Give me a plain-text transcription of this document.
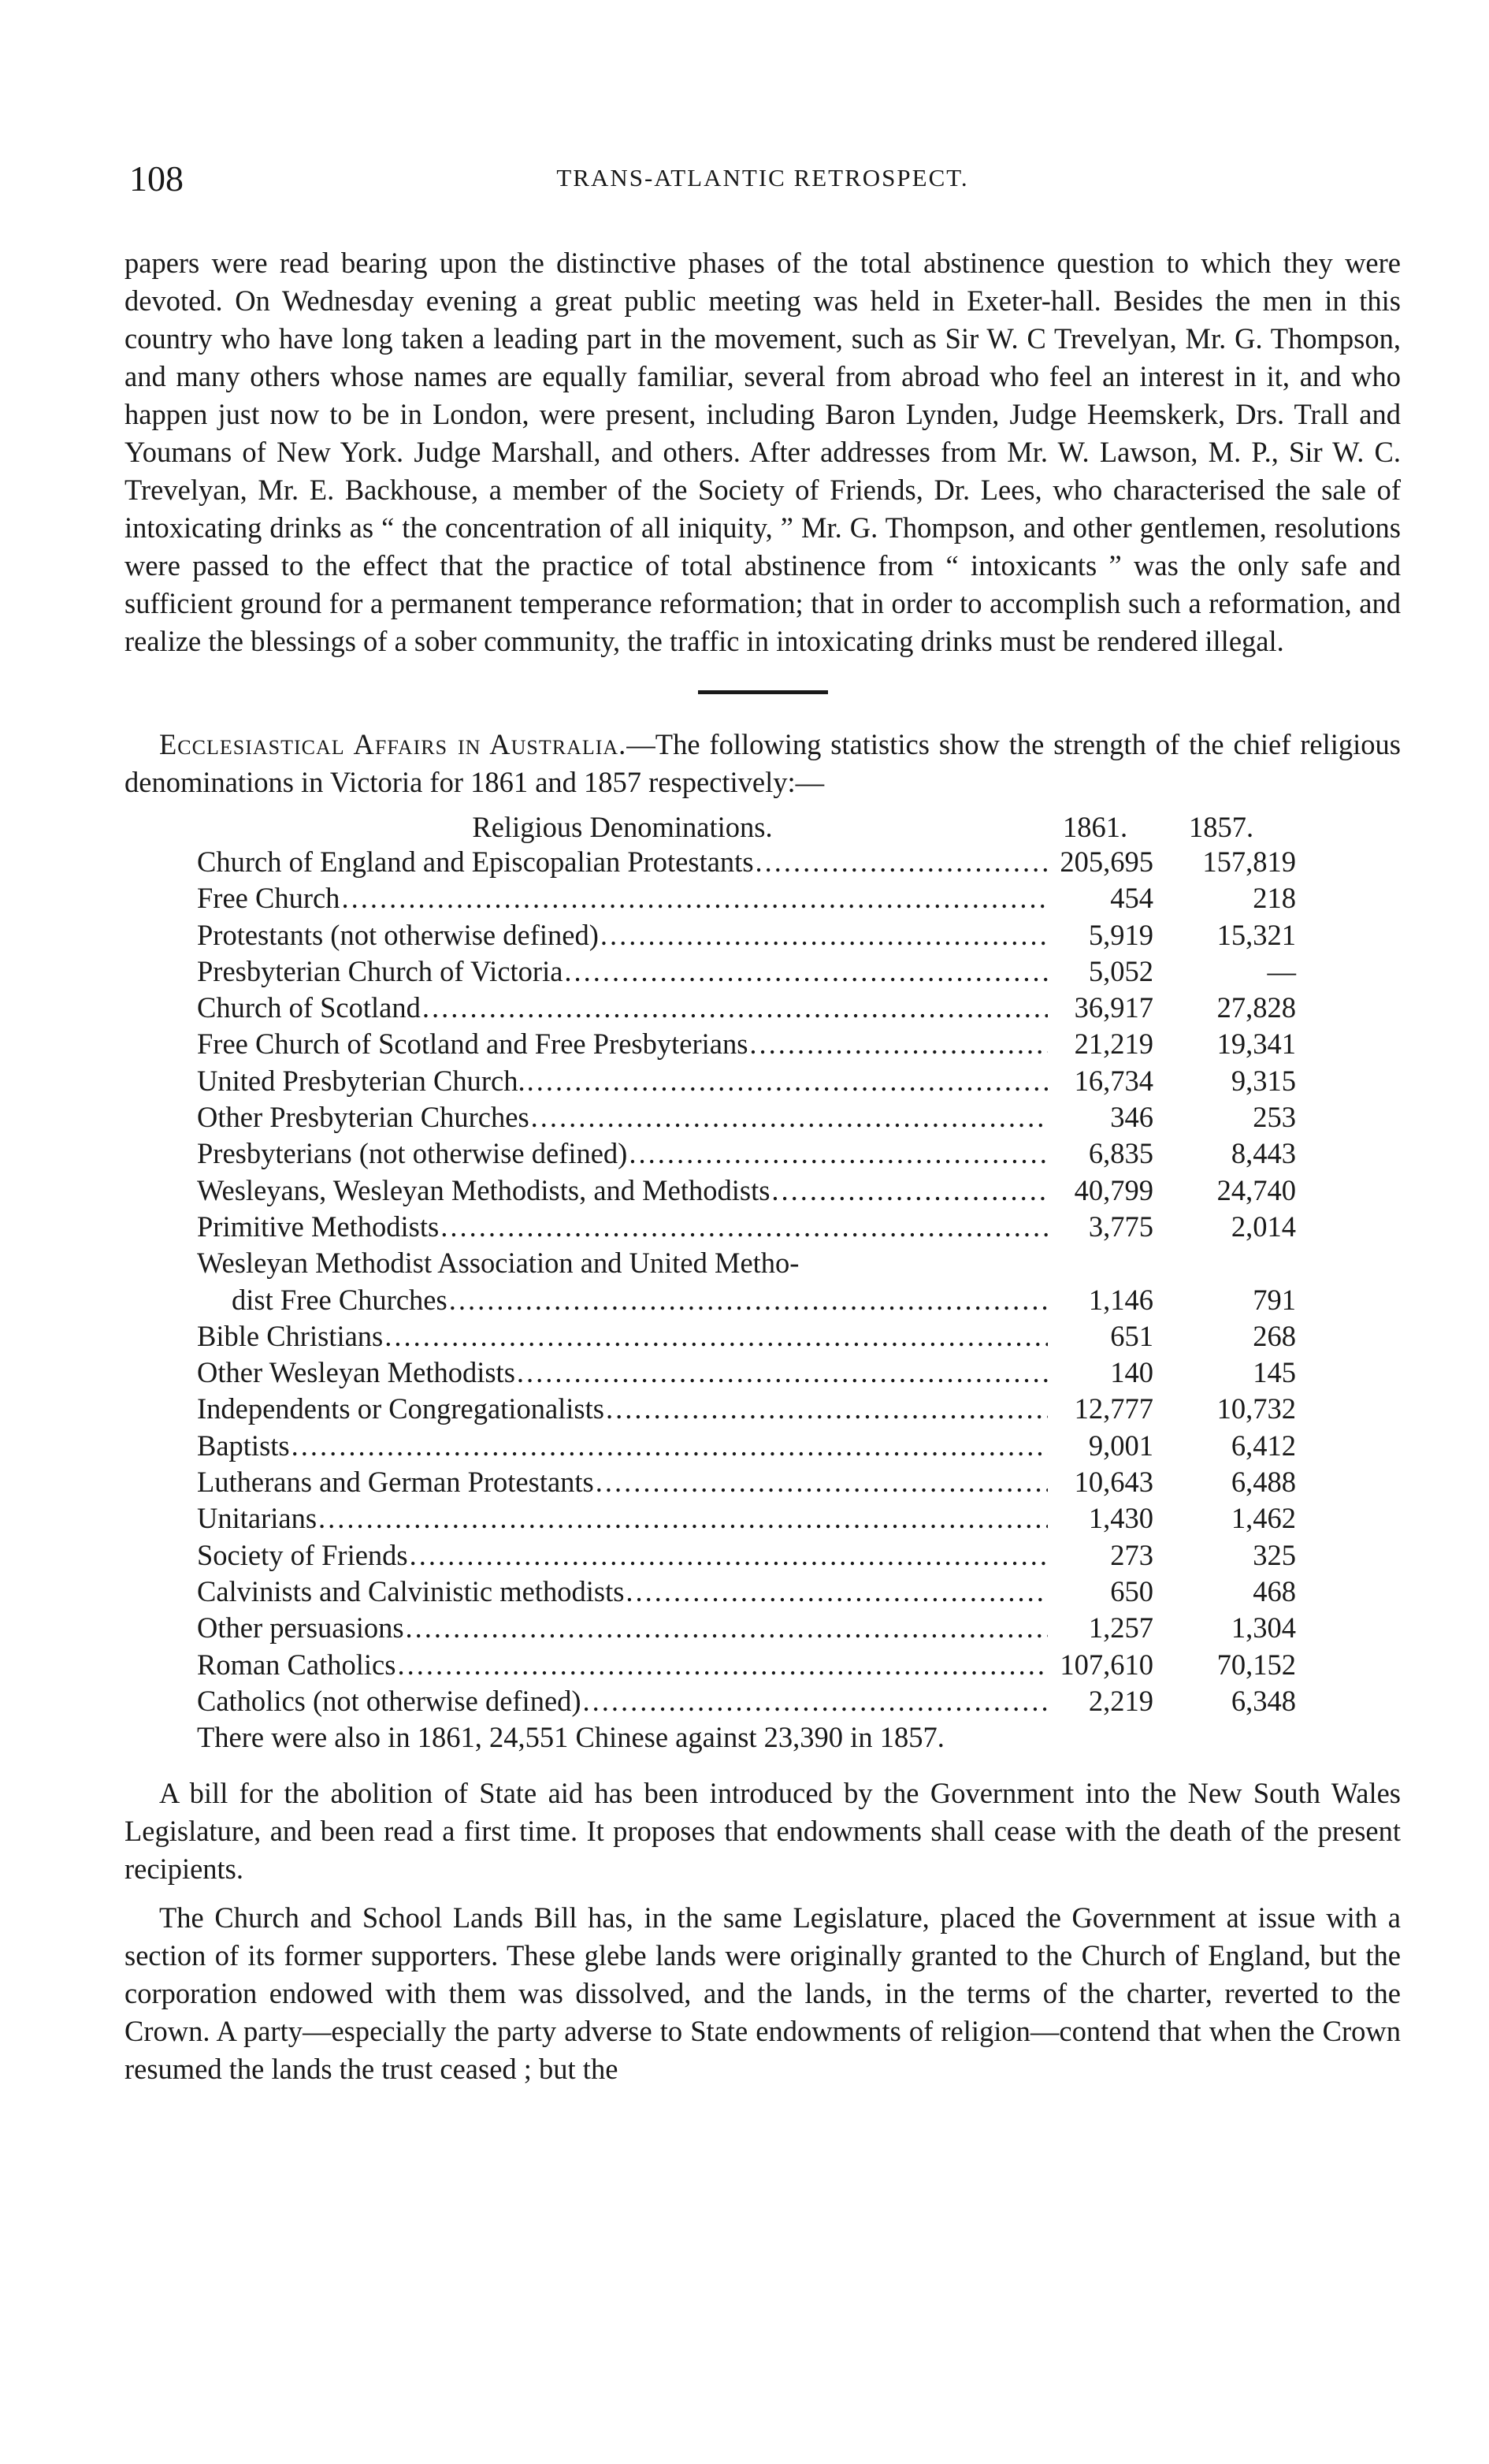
108	TRANS-ATLANTIC RETROSPECT.

papers were read bearing upon the distinctive phases of the total abstinence question to which they were devoted. On Wednesday evening a great public meeting was held in Exeter-hall. Besides the men in this country who have long taken a leading part in the movement, such as Sir W. C Trevelyan, Mr. G. Thompson, and many others whose names are equally familiar, several from abroad who feel an interest in it, and who happen just now to be in London, were present, including Baron Lynden, Judge Heemskerk, Drs. Trall and Youmans of New York. Judge Marshall, and others. After addresses from Mr. W. Lawson, M. P., Sir W. C. Trevelyan, Mr. E. Backhouse, a member of the Society of Friends, Dr. Lees, who characterised the sale of intoxicating drinks as “ the concentration of all iniquity, ” Mr. G. Thompson, and other gentlemen, resolutions were passed to the effect that the practice of total abstinence from “ intoxicants ” was the only safe and sufficient ground for a permanent temperance reformation; that in order to accomplish such a reformation, and realize the blessings of a sober community, the traffic in intoxicating drinks must be rendered illegal.

Ecclesiastical Affairs in Australia.—The following statistics show the strength of the chief religious denominations in Victoria for 1861 and 1857 respectively:—

Religious Denominations.	1861.	1857.
Church of England and Episcopalian Protestants .....	205,695	157,819
Free Church .....	454	218
Protestants (not otherwise defined) .....	5,919	15,321
Presbyterian Church of Victoria .....	5,052	—
Church of Scotland .....	36,917	27,828
Free Church of Scotland and Free Presbyterians .....	21,219	19,341
United Presbyterian Church. .....	16,734	9,315
Other Presbyterian Churches .....	346	253
Presbyterians (not otherwise defined) .....	6,835	8,443
Wesleyans, Wesleyan Methodists, and Methodists .....	40,799	24,740
Primitive Methodists .....	3,775	2,014
Wesleyan Methodist Association and United Metho-
dist Free Churches .....	1,146	791
Bible Christians .....	651	268
Other Wesleyan Methodists .....	140	145
Independents or Congregationalists .....	12,777	10,732
Baptists .....	9,001	6,412
Lutherans and German Protestants .....	10,643	6,488
Unitarians .....	1,430	1,462
Society of Friends .....	273	325
Calvinists and Calvinistic methodists .....	650	468
Other persuasions .....	1,257	1,304
Roman Catholics .....	107,610	70,152
Catholics (not otherwise defined) .....	2,219	6,348
There were also in 1861, 24,551 Chinese against 23,390 in 1857.

A bill for the abolition of State aid has been introduced by the Government into the New South Wales Legislature, and been read a first time. It proposes that endowments shall cease with the death of the present recipients.

The Church and School Lands Bill has, in the same Legislature, placed the Government at issue with a section of its former supporters. These glebe lands were originally granted to the Church of England, but the corporation endowed with them was dissolved, and the lands, in the terms of the charter, reverted to the Crown. A party—especially the party adverse to State endowments of religion—contend that when the Crown resumed the lands the trust ceased ; but the
